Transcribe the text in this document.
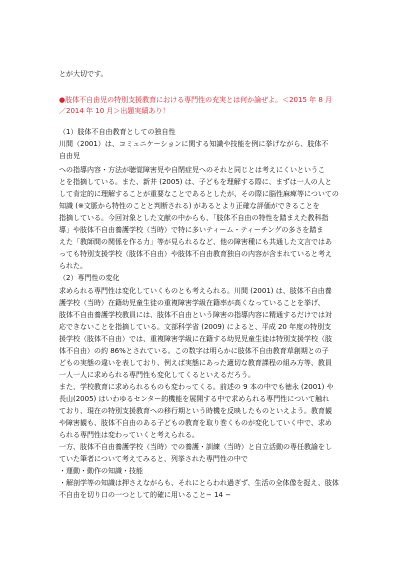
とが大切です。
●肢体不自由児の特別支援教育における専門性の充実とは何か論ぜよ。＜2015 年 8 月
／2014 年 10 月＞出題実績あり！
（1）肢体不自由教育としての独自性
川間（2001）は、コミュニケーションに関する知識や技能を例に挙げながら、肢体不
自由児
への指導内容・方法が聴覚障害児や自閉症児へのそれと同じとは考えにくいというこ
とを指摘している。また、新井 (2005) は、子どもを理解する際に、まずは一人の人と
して肯定的に理解することが重要なことであるとしたが、その際に脳性麻痺等についての
知識 (※文脈から特性のことと判断される) があるとより正確な評価ができることを
指摘している。今回対象とした文献の中からも、「肢体不自由の特性を踏まえた教科指
導」や肢体不自由養護学校（当時）で特に多いティーム・ティーチングの多さを踏ま
えた「教師間の関係を作る力」等が見られるなど、他の障害種にも共通した文言ではあ
っても特別支援学校（肢体不自由）や肢体不自由教育独自の内容が含まれていると考え
られた。
（2）専門性の変化
求められる専門性は変化していくものとも考えられる。川間 (2001) は、肢体不自由養
護学校（当時）在籍幼児童生徒の重複障害学級在籍率が高くなっていることを挙げ、
肢体不自由養護学校教員には、肢体不自由という障害の指導内容に精通するだけでは対
応できないことを指摘している。文部科学省 (2009) によると、平成 20 年度の特別支
援学校（肢体不自由）では、重複障害学級に在籍する幼児児童生徒は特別支援学校（肢
体不自由）の約 86%とされている。この数字は明らかに肢体不自由教育草創期との子
どもの実態の違いを表しており、例えば実態にあった適切な教育課程の組み方等、教員
一人一人に求められる専門性も変化してくるといえるだろう。
また、学校教育に求められるものも変わってくる。前述の 9 本の中でも徳永 (2001) や
長山(2005) はいわゆるセンター的機能を展開する中で求められる専門性について触れ
ており、現在の特別支援教育への移行期という時機を反映したものといえよう。教育観
や障害観も、肢体不自由のある子どもの教育を取り巻くものが変化していく中で、求め
られる専門性は変わっていくと考えられる。
一方、肢体不自由養護学校（当時）での養護・訓練（当時）と自立活動の専任教諭をし
ていた筆者について考えてみると、列挙された専門性の中で
・運動・動作の知識・技能
・解剖学等の知識は押さえながらも、それにとらわれ過ぎず、生活の全体像を捉え、肢体
不自由を切り口の一つとして的確に用いること− 14 −
